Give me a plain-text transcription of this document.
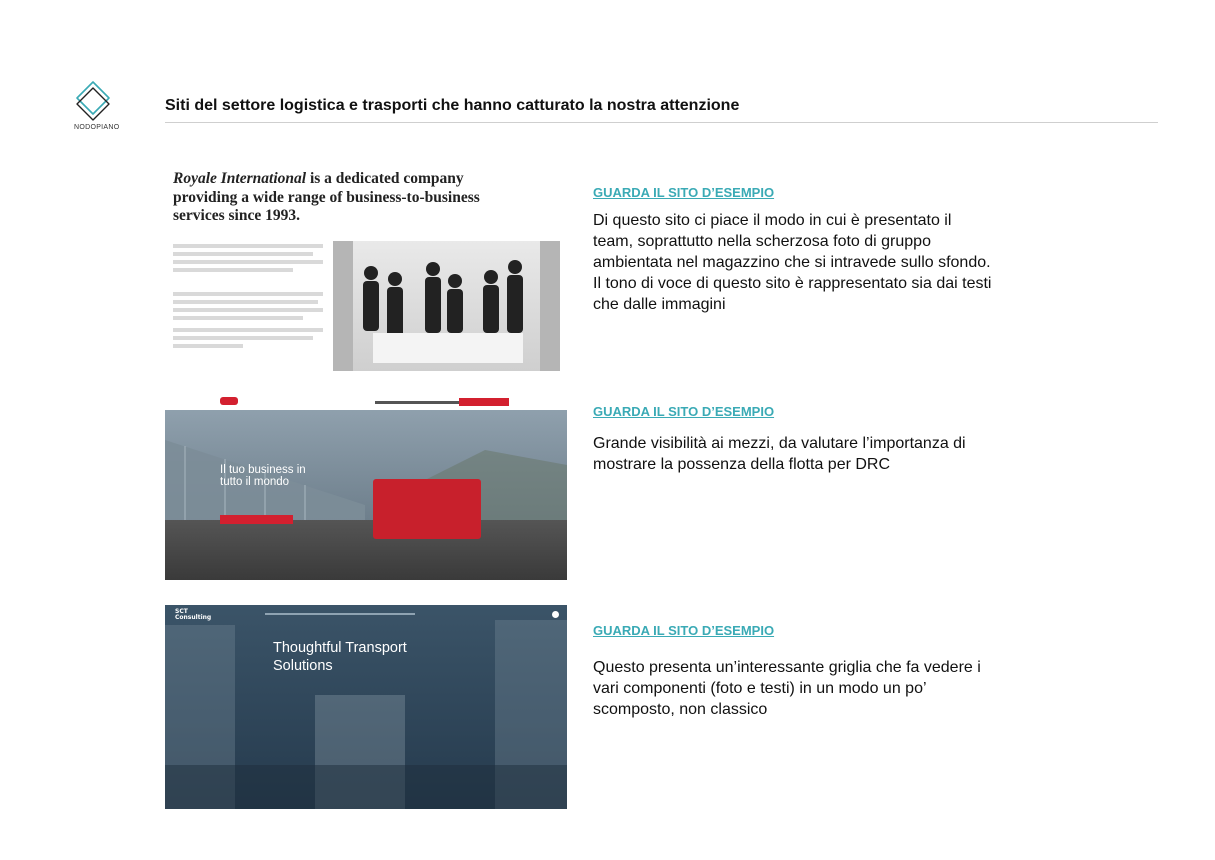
NODOPIANO
Siti del settore logistica e trasporti che hanno catturato la nostra attenzione
Royale International is a dedicated company providing a wide range of business-to-business services since 1993.
GUARDA IL SITO D’ESEMPIO
Di questo sito ci piace il modo in cui è presentato il team, soprattutto nella scherzosa foto di gruppo ambientata nel magazzino che si intravede sullo sfondo. Il tono di voce di questo sito è rappresentato sia dai testi che dalle immagini
Il tuo business in tutto il mondo
GUARDA IL SITO D’ESEMPIO
Grande visibilità ai mezzi, da valutare l’importanza di mostrare la possenza della flotta per DRC
SCT Consulting
Thoughtful Transport Solutions
GUARDA IL SITO D’ESEMPIO
Questo presenta un’interessante griglia che fa vedere i vari componenti (foto e testi) in un modo un po’ scomposto, non classico
